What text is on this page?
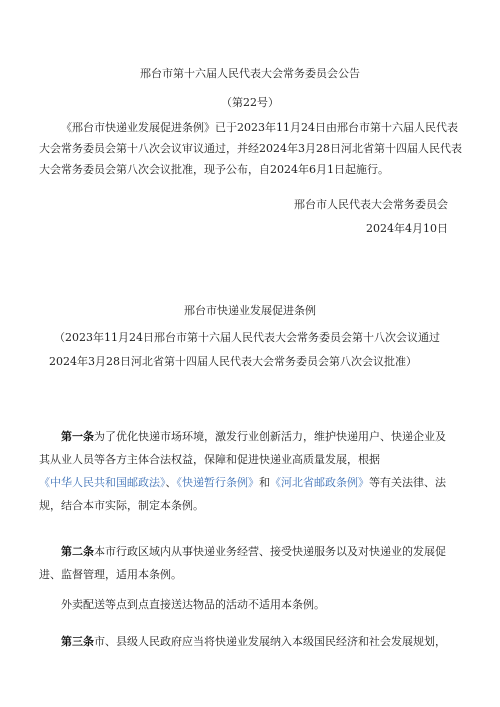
邢台市第十六届人民代表大会常务委员会公告
（第22号）
《邢台市快递业发展促进条例》已于2023年11月24日由邢台市第十六届人民代表
大会常务委员会第十八次会议审议通过，并经2024年3月28日河北省第十四届人民代表
大会常务委员会第八次会议批准，现予公布，自2024年6月1日起施行。
邢台市人民代表大会常务委员会
2024年4月10日
邢台市快递业发展促进条例
（2023年11月24日邢台市第十六届人民代表大会常务委员会第十八次会议通过
2024年3月28日河北省第十四届人民代表大会常务委员会第八次会议批准）
第一条为了优化快递市场环境，激发行业创新活力，维护快递用户、快递企业及
其从业人员等各方主体合法权益，保障和促进快递业高质量发展，根据
《中华人民共和国邮政法》、《快递暂行条例》和《河北省邮政条例》等有关法律、法
规，结合本市实际，制定本条例。
第二条本市行政区域内从事快递业务经营、接受快递服务以及对快递业的发展促
进、监督管理，适用本条例。
外卖配送等点到点直接送达物品的活动不适用本条例。
第三条市、县级人民政府应当将快递业发展纳入本级国民经济和社会发展规划，
